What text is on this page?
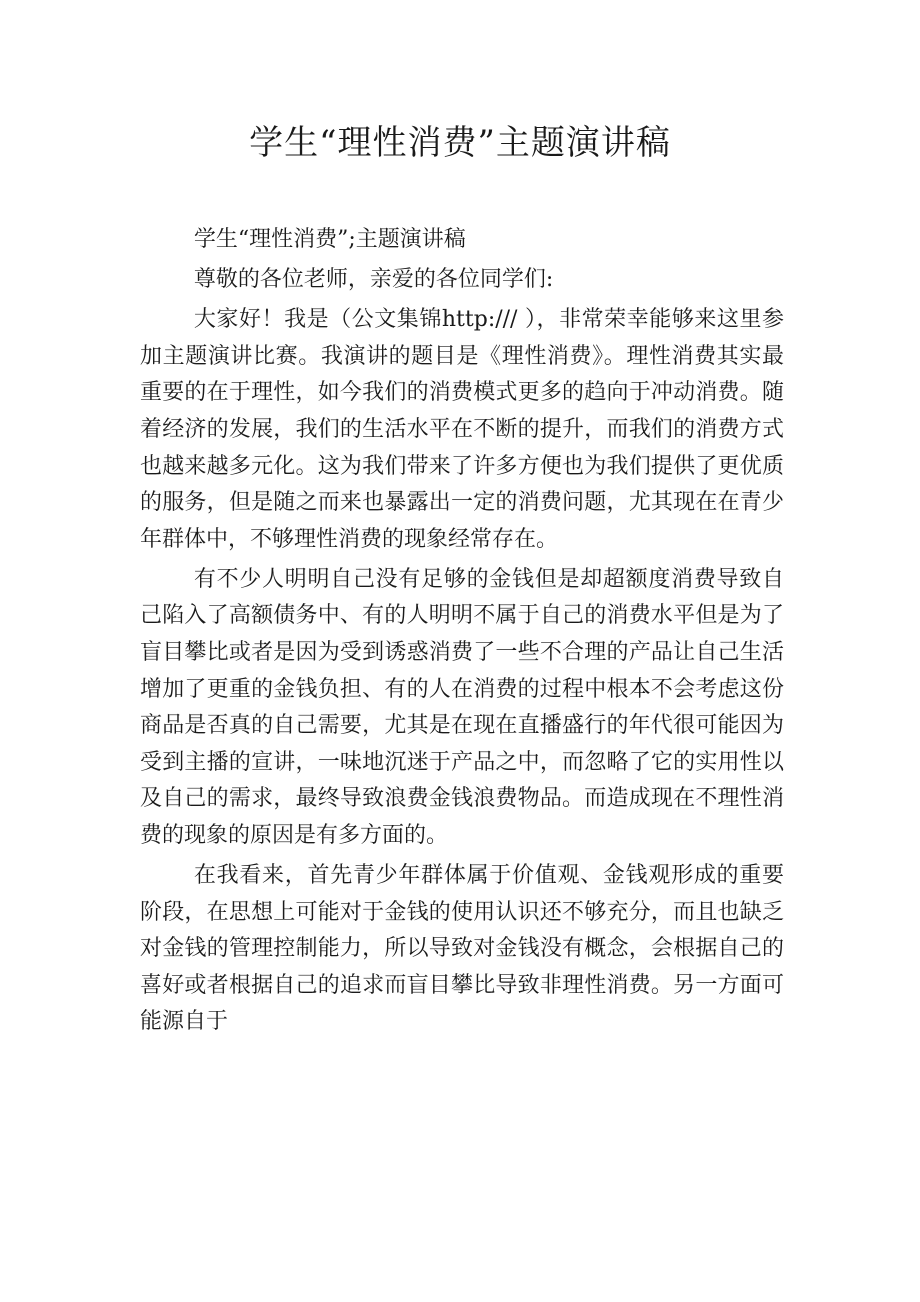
学生“理性消费”主题演讲稿

学生“理性消费”;主题演讲稿

尊敬的各位老师，亲爱的各位同学们:

大家好！我是（公文集锦http:/// ），非常荣幸能够来这里参加主题演讲比赛。我演讲的题目是《理性消费》。理性消费其实最重要的在于理性，如今我们的消费模式更多的趋向于冲动消费。随着经济的发展，我们的生活水平在不断的提升，而我们的消费方式也越来越多元化。这为我们带来了许多方便也为我们提供了更优质的服务，但是随之而来也暴露出一定的消费问题，尤其现在在青少年群体中，不够理性消费的现象经常存在。

有不少人明明自己没有足够的金钱但是却超额度消费导致自己陷入了高额债务中、有的人明明不属于自己的消费水平但是为了盲目攀比或者是因为受到诱惑消费了一些不合理的产品让自己生活增加了更重的金钱负担、有的人在消费的过程中根本不会考虑这份商品是否真的自己需要，尤其是在现在直播盛行的年代很可能因为受到主播的宣讲，一味地沉迷于产品之中，而忽略了它的实用性以及自己的需求，最终导致浪费金钱浪费物品。而造成现在不理性消费的现象的原因是有多方面的。

在我看来，首先青少年群体属于价值观、金钱观形成的重要阶段，在思想上可能对于金钱的使用认识还不够充分，而且也缺乏对金钱的管理控制能力，所以导致对金钱没有概念，会根据自己的喜好或者根据自己的追求而盲目攀比导致非理性消费。另一方面可能源自于
